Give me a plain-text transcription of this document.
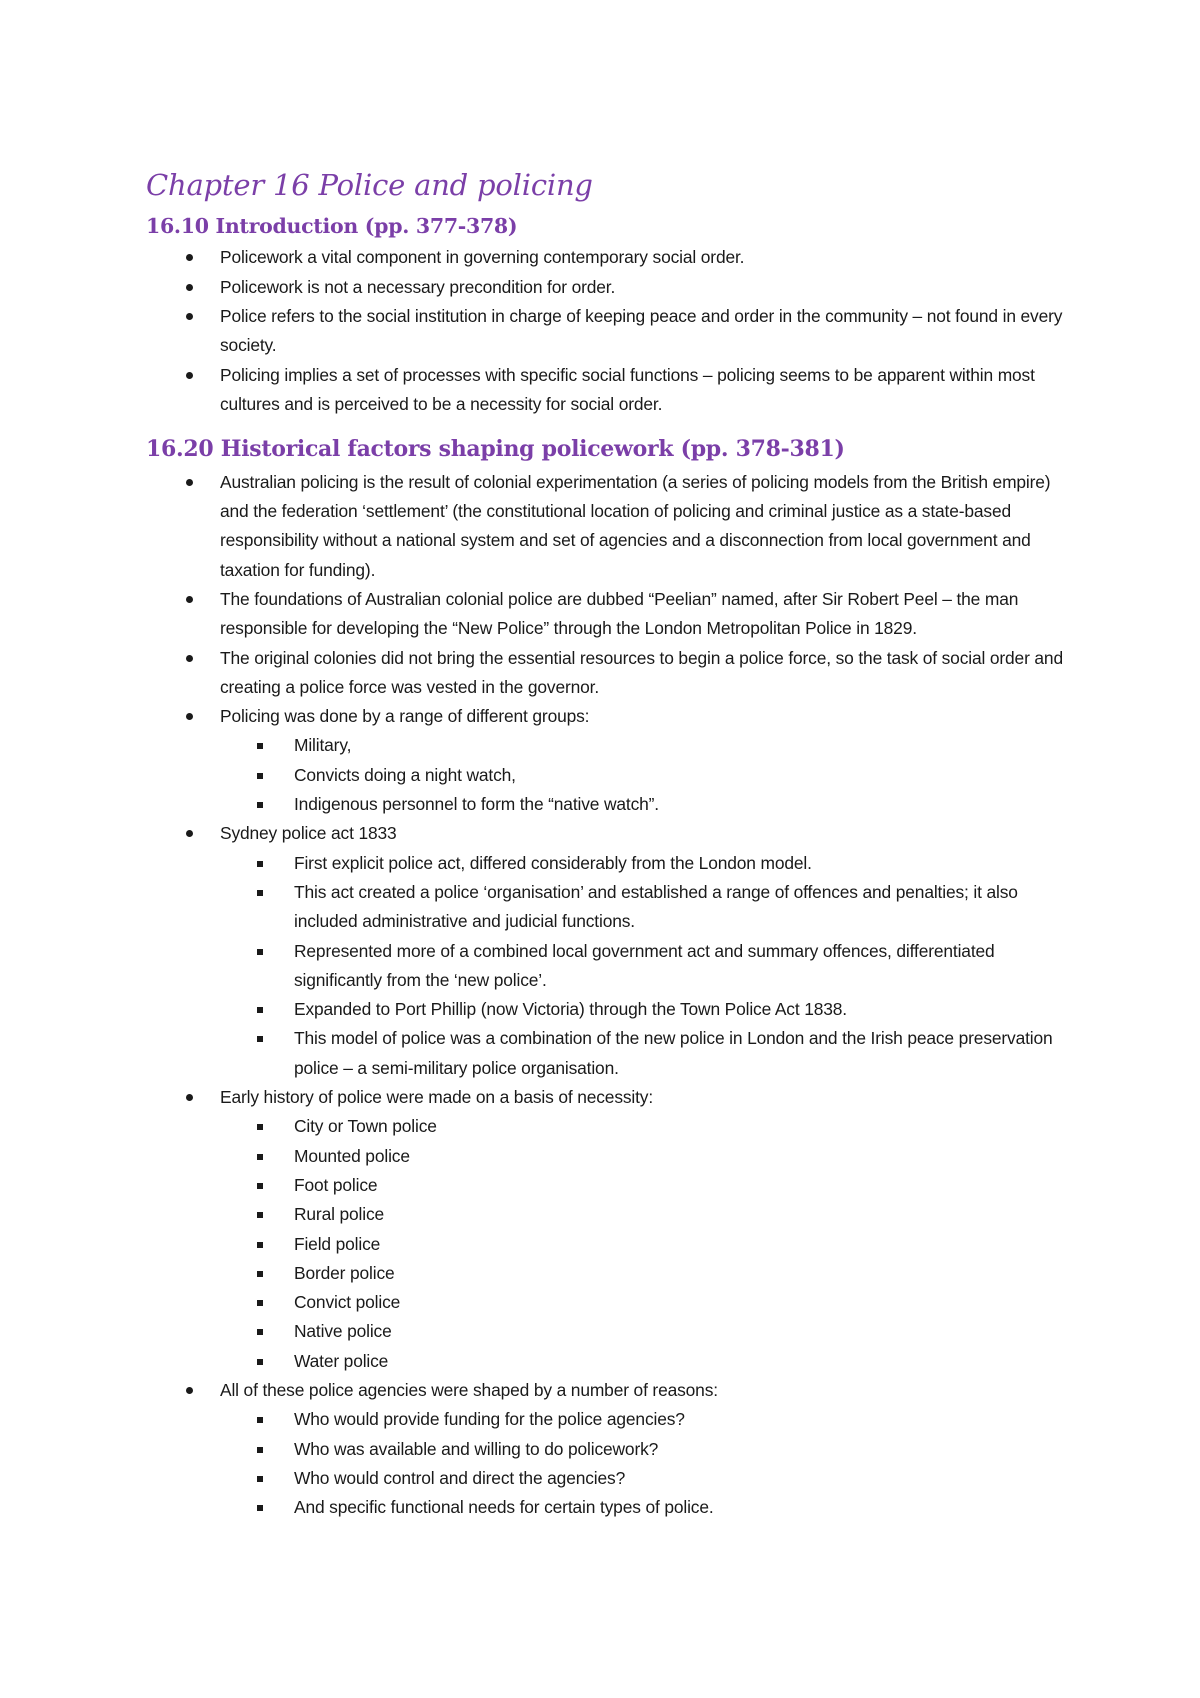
Chapter 16 Police and policing
16.10 Introduction (pp. 377-378)
Policework a vital component in governing contemporary social order.
Policework is not a necessary precondition for order.
Police refers to the social institution in charge of keeping peace and order in the community – not found in every society.
Policing implies a set of processes with specific social functions – policing seems to be apparent within most cultures and is perceived to be a necessity for social order.
16.20 Historical factors shaping policework (pp. 378-381)
Australian policing is the result of colonial experimentation (a series of policing models from the British empire) and the federation ‘settlement’ (the constitutional location of policing and criminal justice as a state-based responsibility without a national system and set of agencies and a disconnection from local government and taxation for funding).
The foundations of Australian colonial police are dubbed “Peelian” named, after Sir Robert Peel – the man responsible for developing the “New Police” through the London Metropolitan Police in 1829.
The original colonies did not bring the essential resources to begin a police force, so the task of social order and creating a police force was vested in the governor.
Policing was done by a range of different groups:
Military,
Convicts doing a night watch,
Indigenous personnel to form the “native watch”.
Sydney police act 1833
First explicit police act, differed considerably from the London model.
This act created a police ‘organisation’ and established a range of offences and penalties; it also included administrative and judicial functions.
Represented more of a combined local government act and summary offences, differentiated significantly from the ‘new police’.
Expanded to Port Phillip (now Victoria) through the Town Police Act 1838.
This model of police was a combination of the new police in London and the Irish peace preservation police – a semi-military police organisation.
Early history of police were made on a basis of necessity:
City or Town police
Mounted police
Foot police
Rural police
Field police
Border police
Convict police
Native police
Water police
All of these police agencies were shaped by a number of reasons:
Who would provide funding for the police agencies?
Who was available and willing to do policework?
Who would control and direct the agencies?
And specific functional needs for certain types of police.
